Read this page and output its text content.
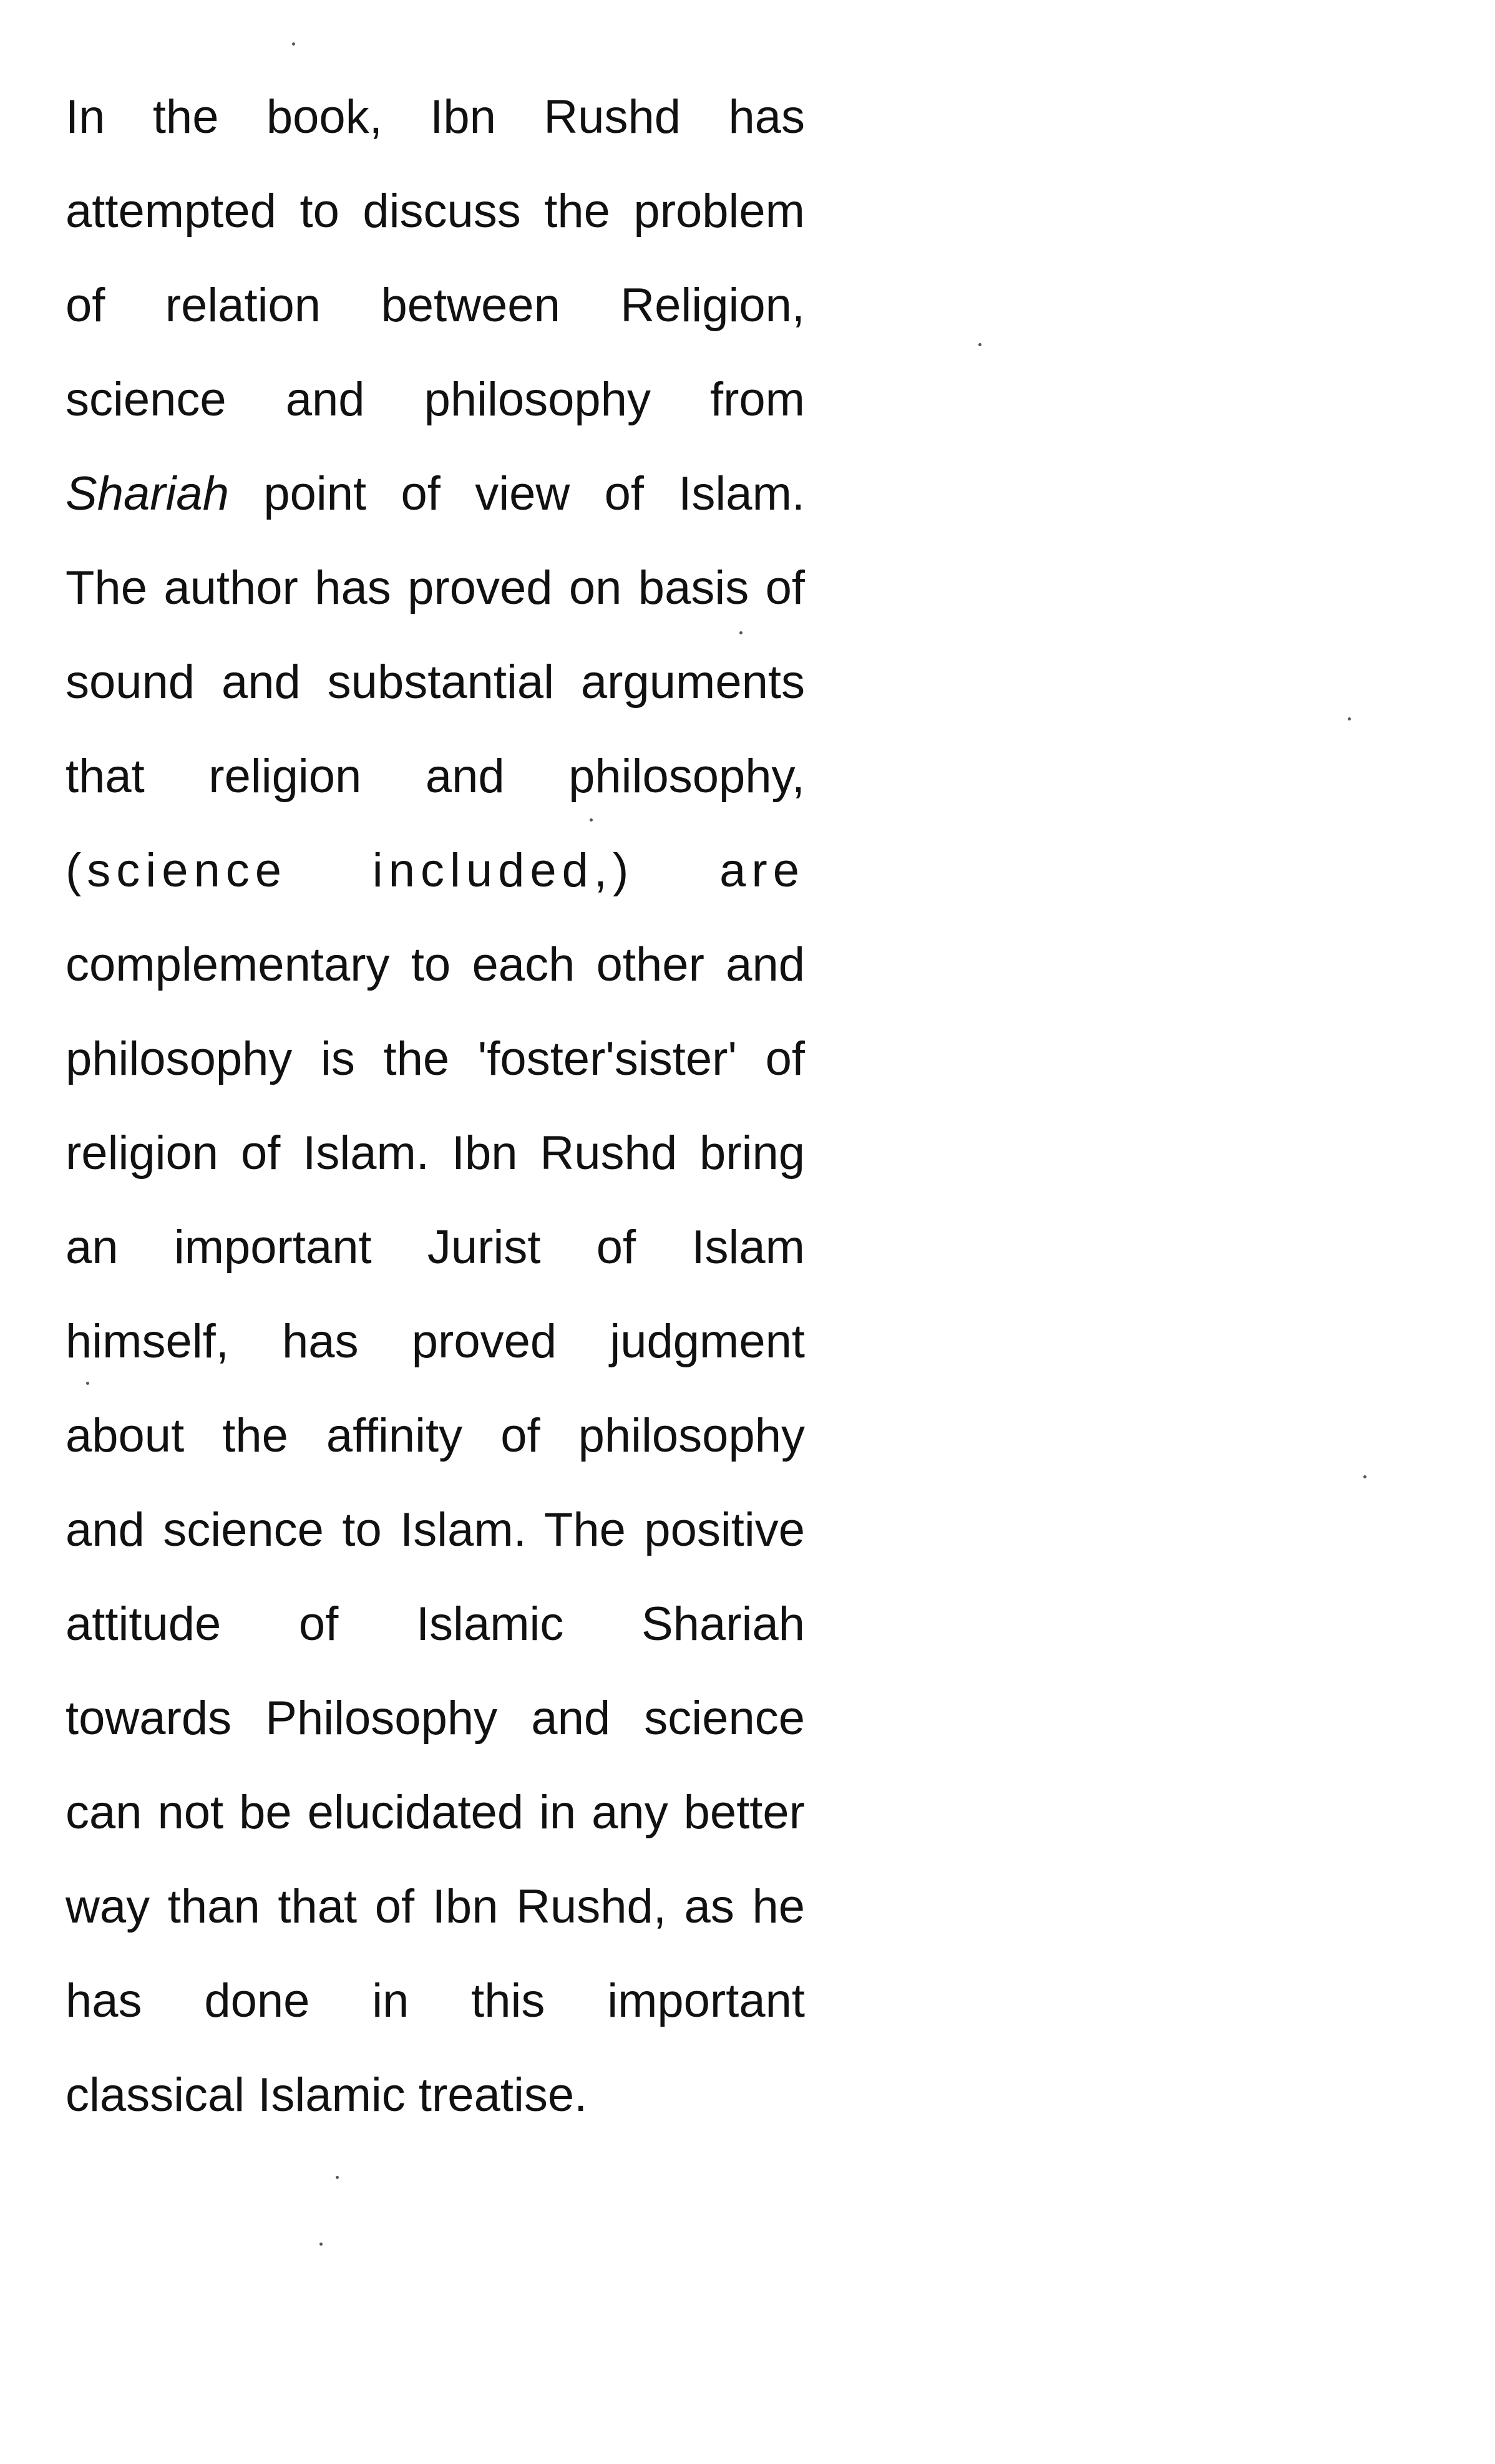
In the book, Ibn Rushd has
attempted to discuss the problem
of relation between Religion,
science and philosophy from
Shariah point of view of Islam.
The author has proved on basis of
sound and substantial arguments
that religion and philosophy,
(science included,) are
complementary to each other and
philosophy is the 'foster'sister' of
religion of Islam. Ibn Rushd bring
an important Jurist of Islam
himself, has proved judgment
about the affinity of philosophy
and science to Islam. The positive
attitude of Islamic Shariah
towards Philosophy and science
can not be elucidated in any better
way than that of Ibn Rushd, as he
has done in this important
classical Islamic treatise.
